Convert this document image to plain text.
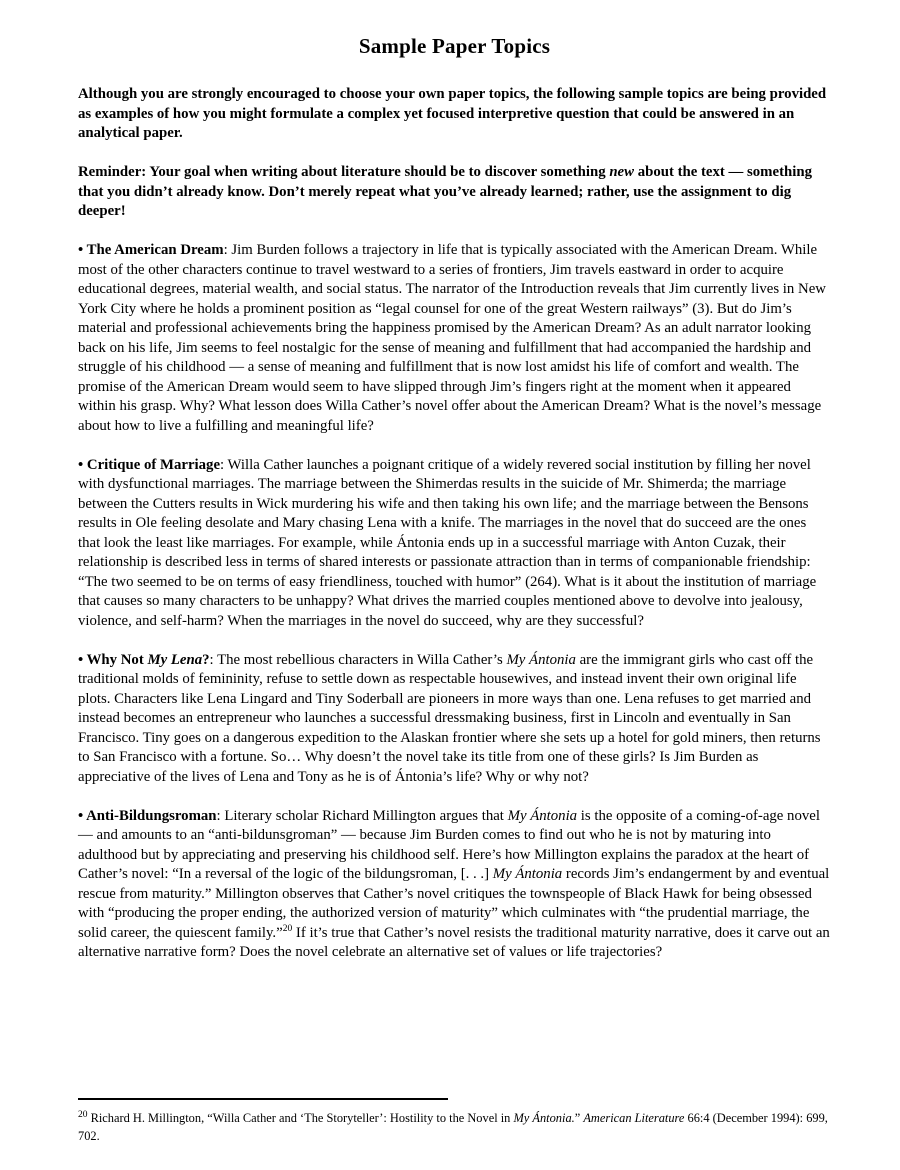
Sample Paper Topics

Although you are strongly encouraged to choose your own paper topics, the following sample topics are being provided as examples of how you might formulate a complex yet focused interpretive question that could be answered in an analytical paper.

Reminder: Your goal when writing about literature should be to discover something new about the text — something that you didn’t already know. Don’t merely repeat what you’ve already learned; rather, use the assignment to dig deeper!

• The American Dream: Jim Burden follows a trajectory in life that is typically associated with the American Dream. While most of the other characters continue to travel westward to a series of frontiers, Jim travels eastward in order to acquire educational degrees, material wealth, and social status. The narrator of the Introduction reveals that Jim currently lives in New York City where he holds a prominent position as “legal counsel for one of the great Western railways” (3). But do Jim’s material and professional achievements bring the happiness promised by the American Dream? As an adult narrator looking back on his life, Jim seems to feel nostalgic for the sense of meaning and fulfillment that had accompanied the hardship and struggle of his childhood — a sense of meaning and fulfillment that is now lost amidst his life of comfort and wealth. The promise of the American Dream would seem to have slipped through Jim’s fingers right at the moment when it appeared within his grasp. Why? What lesson does Willa Cather’s novel offer about the American Dream? What is the novel’s message about how to live a fulfilling and meaningful life?

• Critique of Marriage: Willa Cather launches a poignant critique of a widely revered social institution by filling her novel with dysfunctional marriages. The marriage between the Shimerdas results in the suicide of Mr. Shimerda; the marriage between the Cutters results in Wick murdering his wife and then taking his own life; and the marriage between the Bensons results in Ole feeling desolate and Mary chasing Lena with a knife. The marriages in the novel that do succeed are the ones that look the least like marriages. For example, while Ántonia ends up in a successful marriage with Anton Cuzak, their relationship is described less in terms of shared interests or passionate attraction than in terms of companionable friendship: “The two seemed to be on terms of easy friendliness, touched with humor” (264). What is it about the institution of marriage that causes so many characters to be unhappy? What drives the married couples mentioned above to devolve into jealousy, violence, and self-harm? When the marriages in the novel do succeed, why are they successful?

• Why Not My Lena?: The most rebellious characters in Willa Cather’s My Ántonia are the immigrant girls who cast off the traditional molds of femininity, refuse to settle down as respectable housewives, and instead invent their own original life plots. Characters like Lena Lingard and Tiny Soderball are pioneers in more ways than one. Lena refuses to get married and instead becomes an entrepreneur who launches a successful dressmaking business, first in Lincoln and eventually in San Francisco. Tiny goes on a dangerous expedition to the Alaskan frontier where she sets up a hotel for gold miners, then returns to San Francisco with a fortune. So… Why doesn’t the novel take its title from one of these girls? Is Jim Burden as appreciative of the lives of Lena and Tony as he is of Ántonia’s life? Why or why not?

• Anti-Bildungsroman: Literary scholar Richard Millington argues that My Ántonia is the opposite of a coming-of-age novel — and amounts to an “anti-bildunsgroman” — because Jim Burden comes to find out who he is not by maturing into adulthood but by appreciating and preserving his childhood self. Here’s how Millington explains the paradox at the heart of Cather’s novel: “In a reversal of the logic of the bildungsroman, [. . .] My Ántonia records Jim’s endangerment by and eventual rescue from maturity.” Millington observes that Cather’s novel critiques the townspeople of Black Hawk for being obsessed with “producing the proper ending, the authorized version of maturity” which culminates with “the prudential marriage, the solid career, the quiescent family.”$^{20}$ If it’s true that Cather’s novel resists the traditional maturity narrative, does it carve out an alternative narrative form? Does the novel celebrate an alternative set of values or life trajectories?

$^{20}$ Richard H. Millington, “Willa Cather and ‘The Storyteller’: Hostility to the Novel in My Ántonia.” American Literature 66:4 (December 1994): 699, 702.
